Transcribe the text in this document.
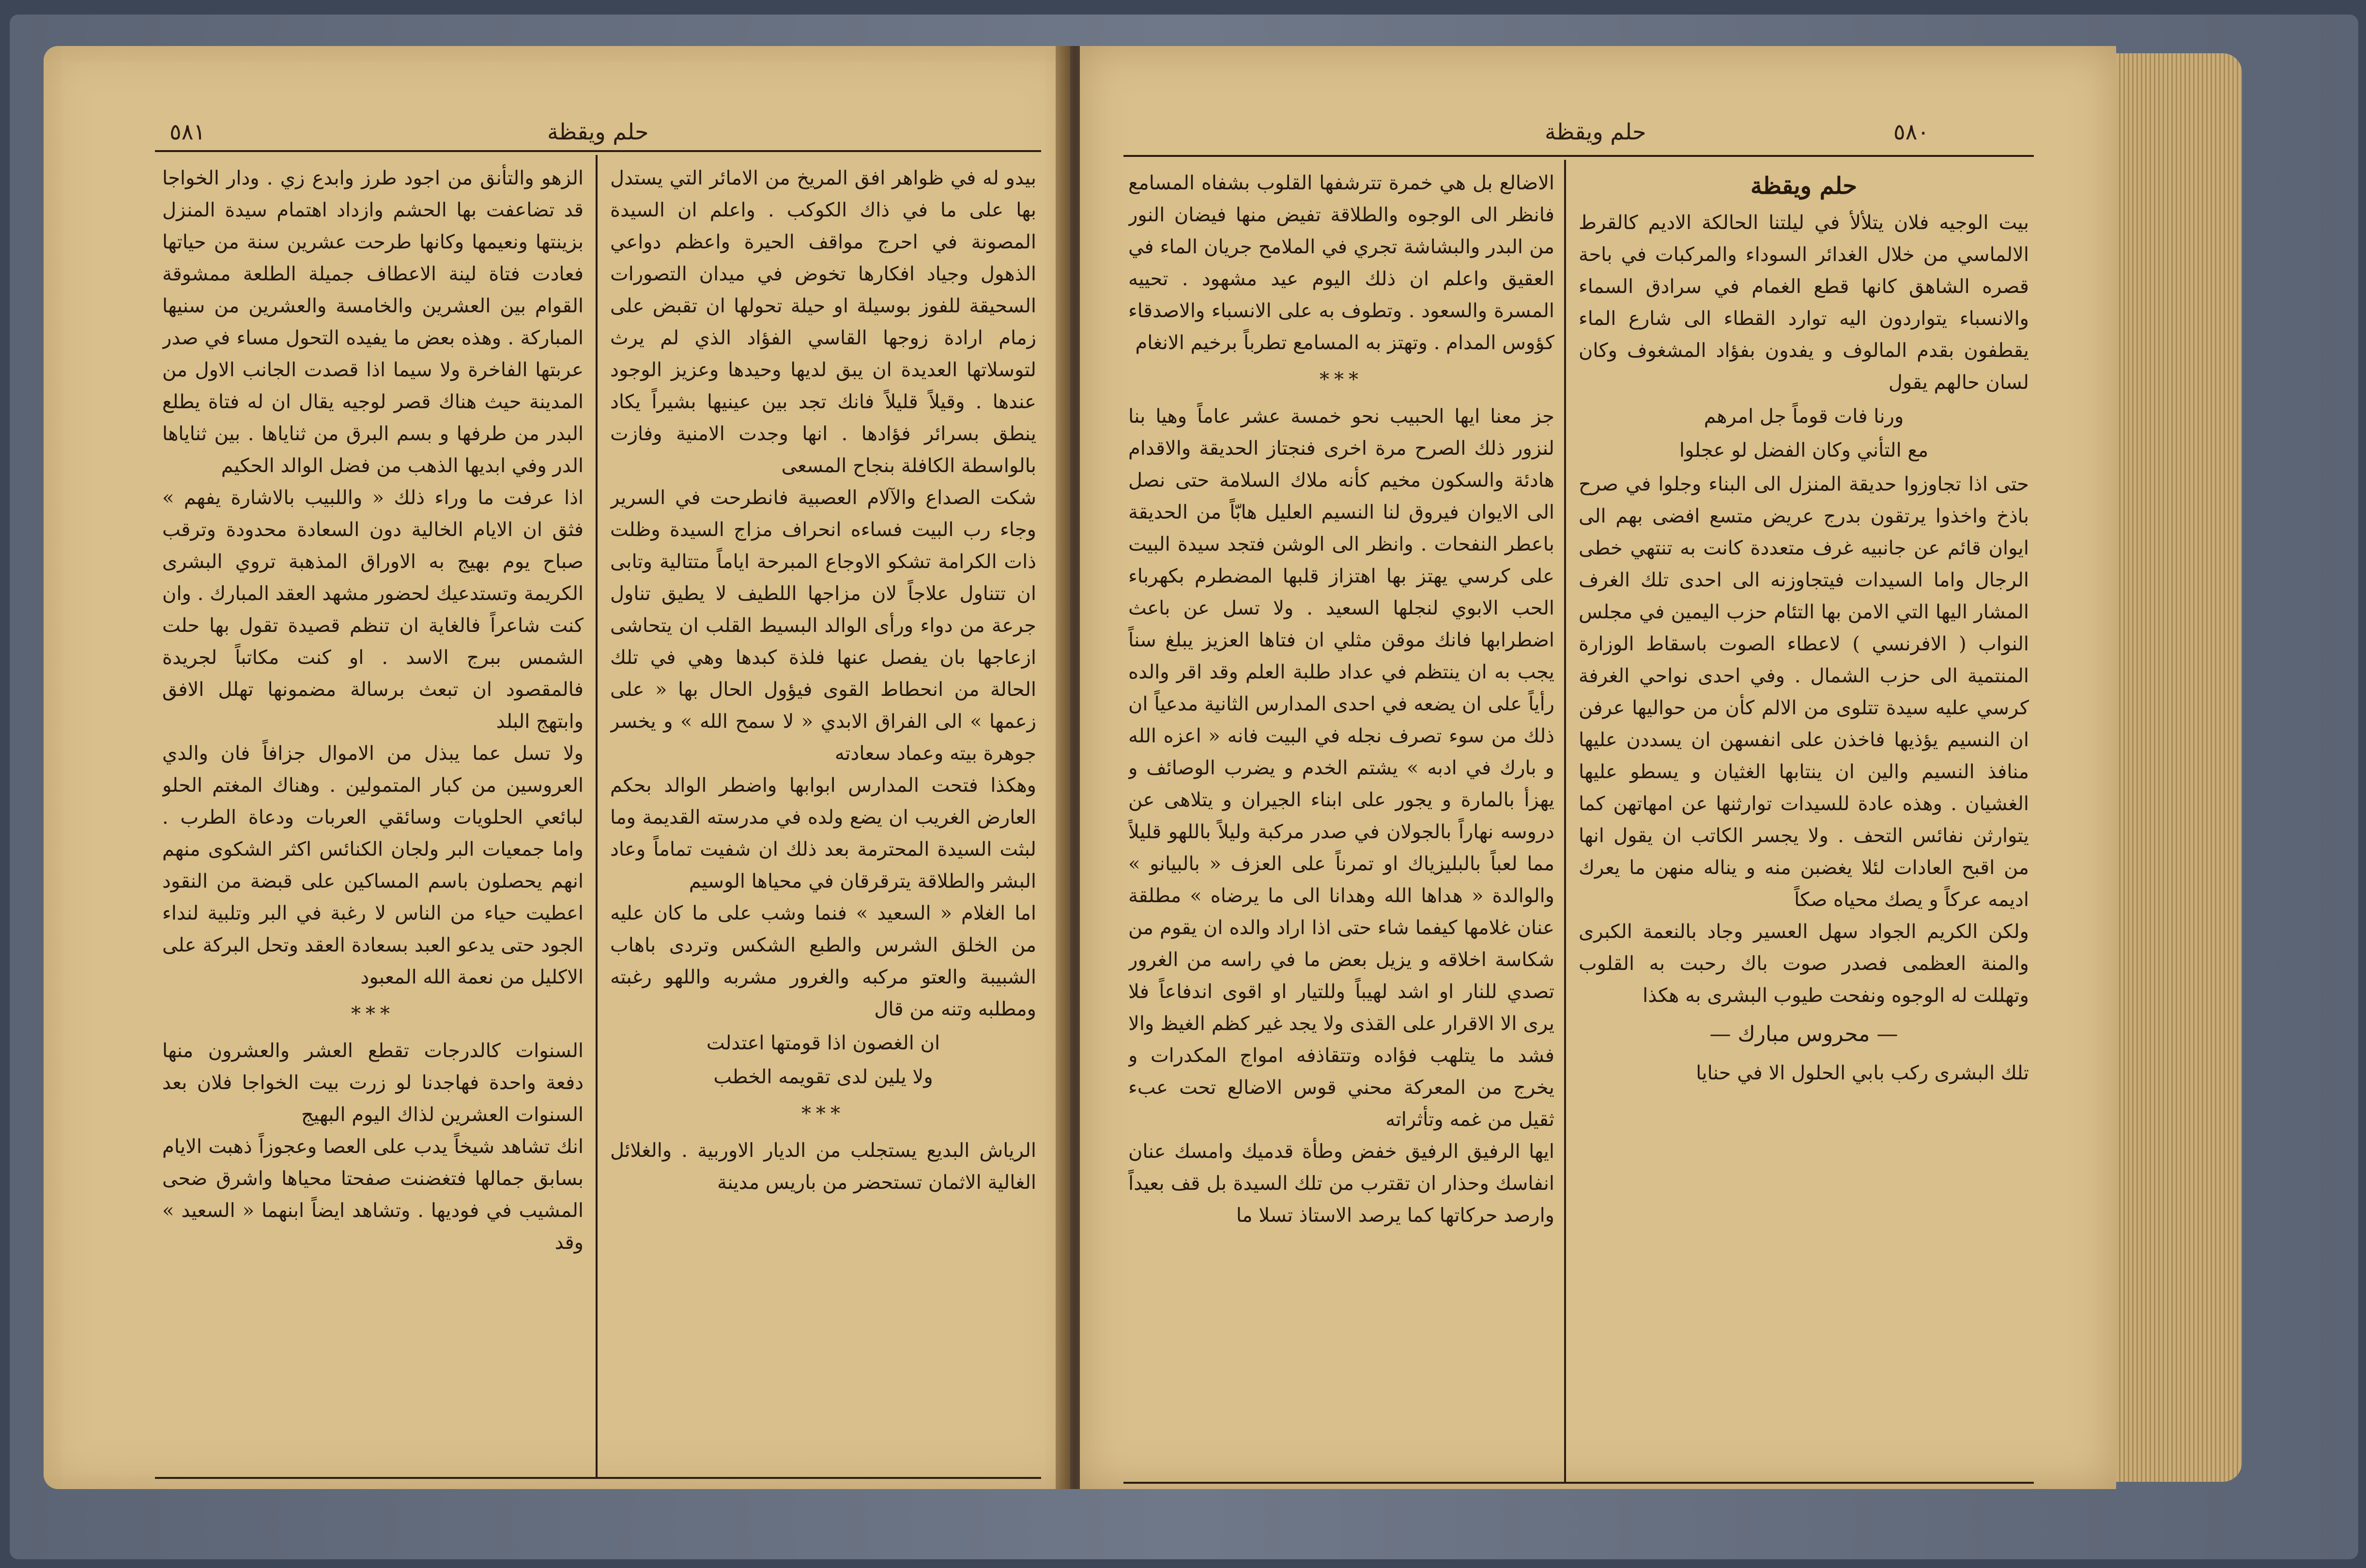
٥٨١	حلم ويقظة

بيدو له في ظواهر افق المريخ من الامائر التي يستدل بها على ما في ذاك الكوكب . واعلم ان السيدة المصونة في احرج مواقف الحيرة واعظم دواعي الذهول وجياد افكارها تخوض في ميدان التصورات السحيقة للفوز بوسيلة او حيلة تحولها ان تقبض على زمام ارادة زوجها القاسي الفؤاد الذي لم يرث لتوسلاتها العديدة ان يبق لديها وحيدها وعزيز الوجود عندها . وقيلاً قليلاً فانك تجد بين عينيها بشيراً يكاد ينطق بسرائر فؤادها . انها وجدت الامنية وفازت بالواسطة الكافلة بنجاح المسعى

شكت الصداع والآلام العصبية فانطرحت في السرير وجاء رب البيت فساءه انحراف مزاج السيدة وظلت ذات الكرامة تشكو الاوجاع المبرحة اياماً متتالية وتابى ان تتناول علاجاً لان مزاجها اللطيف لا يطيق تناول جرعة من دواء ورأى الوالد البسيط القلب ان يتحاشى ازعاجها بان يفصل عنها فلذة كبدها وهي في تلك الحالة من انحطاط القوى فيؤول الحال بها « على زعمها » الى الفراق الابدي « لا سمح الله » و يخسر جوهرة بيته وعماد سعادته

وهكذا فتحت المدارس ابوابها واضطر الوالد بحكم العارض الغريب ان يضع ولده في مدرسته القديمة وما لبثت السيدة المحترمة بعد ذلك ان شفيت تماماً وعاد البشر والطلاقة يترقرقان في محياها الوسيم

اما الغلام « السعيد » فنما وشب على ما كان عليه من الخلق الشرس والطبع الشكس وتردى باهاب الشبيبة والعتو مركبه والغرور مشربه واللهو رغبته ومطلبه وتنه من قال

ان الغصون اذا قومتها اعتدلت

ولا يلين لدى تقويمه الخطب

***

الرياش البديع يستجلب من الديار الاوربية . والغلائل الغالية الاثمان تستحضر من باريس مدينة

الزهو والتأنق من اجود طرز وابدع زي . ودار الخواجا قد تضاعفت بها الحشم وازداد اهتمام سيدة المنزل بزينتها ونعيمها وكانها طرحت عشرين سنة من حياتها فعادت فتاة لينة الاعطاف جميلة الطلعة ممشوقة القوام بين العشرين والخامسة والعشرين من سنيها المباركة . وهذه بعض ما يفيده التحول مساء في صدر عربتها الفاخرة ولا سيما اذا قصدت الجانب الاول من المدينة حيث هناك قصر لوجيه يقال ان له فتاة يطلع البدر من طرفها و بسم البرق من ثناياها . بين ثناياها الدر وفي ابديها الذهب من فضل الوالد الحكيم

اذا عرفت ما وراء ذلك « واللبيب بالاشارة يفهم » فثق ان الايام الخالية دون السعادة محدودة وترقب صباح يوم بهيج به الاوراق المذهبة تروي البشرى الكريمة وتستدعيك لحضور مشهد العقد المبارك . وان كنت شاعراً فالغاية ان تنظم قصيدة تقول بها حلت الشمس ببرج الاسد . او كنت مكاتباً لجريدة فالمقصود ان تبعث برسالة مضمونها تهلل الافق وابتهج البلد

ولا تسل عما يبذل من الاموال جزافاً فان والدي العروسين من كبار المتمولين . وهناك المغتم الحلو لبائعي الحلويات وسائقي العربات ودعاة الطرب . واما جمعيات البر ولجان الكنائس اكثر الشكوى منهم انهم يحصلون باسم المساكين على قبضة من النقود اعطيت حياء من الناس لا رغبة في البر وتلبية لنداء الجود حتى يدعو العبد بسعادة العقد وتحل البركة على الاكليل من نعمة الله المعبود

***

السنوات كالدرجات تقطع العشر والعشرون منها دفعة واحدة فهاجدنا لو زرت بيت الخواجا فلان بعد السنوات العشرين لذاك اليوم البهيج

انك تشاهد شيخاً يدب على العصا وعجوزاً ذهبت الايام بسابق جمالها فتغضنت صفحتا محياها واشرق ضحى المشيب في فوديها . وتشاهد ايضاً ابنهما « السعيد » وقد

٥٨٠
حلم ويقظة

حلم ويقظة

بيت الوجيه فلان يتلألأ في ليلتنا الحالكة الاديم كالقرط الالماسي من خلال الغدائر السوداء والمركبات في باحة قصره الشاهق كانها قطع الغمام في سرادق السماء والانسباء يتواردون اليه توارد القطاء الى شارع الماء يقطفون بقدم المالوف و يفدون بفؤاد المشغوف وكان لسان حالهم يقول

ورنا فات قوماً جل امرهم

مع التأني وكان الفضل لو عجلوا

حتى اذا تجاوزوا حديقة المنزل الى البناء وجلوا في صرح باذخ واخذوا يرتقون بدرج عريض متسع افضى بهم الى ايوان قائم عن جانبيه غرف متعددة كانت به تنتهي خطى الرجال واما السيدات فيتجاوزنه الى احدى تلك الغرف المشار اليها التي الامن بها التئام حزب اليمين في مجلس النواب ( الافرنسي ) لاعطاء الصوت باسقاط الوزارة المنتمية الى حزب الشمال . وفي احدى نواحي الغرفة كرسي عليه سيدة تتلوى من الالم كأن من حواليها عرفن ان النسيم يؤذيها فاخذن على انفسهن ان يسددن عليها منافذ النسيم والين ان ينتابها الغثيان و يسطو عليها الغشيان . وهذه عادة للسيدات توارثنها عن امهاتهن كما يتوارثن نفائس التحف . ولا يجسر الكاتب ان يقول انها من اقبح العادات لئلا يغضبن منه و يناله منهن ما يعرك اديمه عركاً و يصك محياه صكاً

ولكن الكريم الجواد سهل العسير وجاد بالنعمة الكبرى والمنة العظمى فصدر صوت باك رحبت به القلوب وتهللت له الوجوه ونفحت طيوب البشرى به هكذا

— محروس مبارك —

تلك البشرى ركب بابي الحلول الا في حنايا

الاضالع بل هي خمرة تترشفها القلوب بشفاه المسامع فانظر الى الوجوه والطلاقة تفيض منها فيضان النور من البدر والبشاشة تجري في الملامح جريان الماء في العقيق واعلم ان ذلك اليوم عيد مشهود . تحييه المسرة والسعود . وتطوف به على الانسباء والاصدقاء كؤوس المدام . وتهتز به المسامع تطرباً برخيم الانغام

***

جز معنا ايها الحبيب نحو خمسة عشر عاماً وهيا بنا لنزور ذلك الصرح مرة اخرى فنجتاز الحديقة والاقدام هادئة والسكون مخيم كأنه ملاك السلامة حتى نصل الى الايوان فيروق لنا النسيم العليل هابّاً من الحديقة باعطر النفحات . وانظر الى الوشن فتجد سيدة البيت على كرسي يهتز بها اهتزاز قلبها المضطرم بكهرباء الحب الابوي لنجلها السعيد . ولا تسل عن باعث اضطرابها فانك موقن مثلي ان فتاها العزيز يبلغ سناً يجب به ان ينتظم في عداد طلبة العلم وقد اقر والده رأياً على ان يضعه في احدى المدارس الثانية مدعياً ان ذلك من سوء تصرف نجله في البيت فانه « اعزه الله و بارك في ادبه » يشتم الخدم و يضرب الوصائف و يهزأ بالمارة و يجور على ابناء الجيران و يتلاهى عن دروسه نهاراً بالجولان في صدر مركبة وليلاً باللهو قليلاً مما لعباً بالبليزياك او تمرناً على العزف « بالبيانو » والوالدة « هداها الله وهدانا الى ما يرضاه » مطلقة عنان غلامها كيفما شاء حتى اذا اراد والده ان يقوم من شكاسة اخلاقه و يزيل بعض ما في راسه من الغرور تصدي للنار او اشد لهيباً وللتيار او اقوى اندفاعاً فلا يرى الا الاقرار على القذى ولا يجد غير كظم الغيظ والا فشد ما يتلهب فؤاده وتتقاذفه امواج المكدرات و يخرج من المعركة محني قوس الاضالع تحت عبء ثقيل من غمه وتأثراته

ايها الرفيق الرفيق خفض وطأة قدميك وامسك عنان انفاسك وحذار ان تقترب من تلك السيدة بل قف بعيداً وارصد حركاتها كما يرصد الاستاذ تسلا ما
